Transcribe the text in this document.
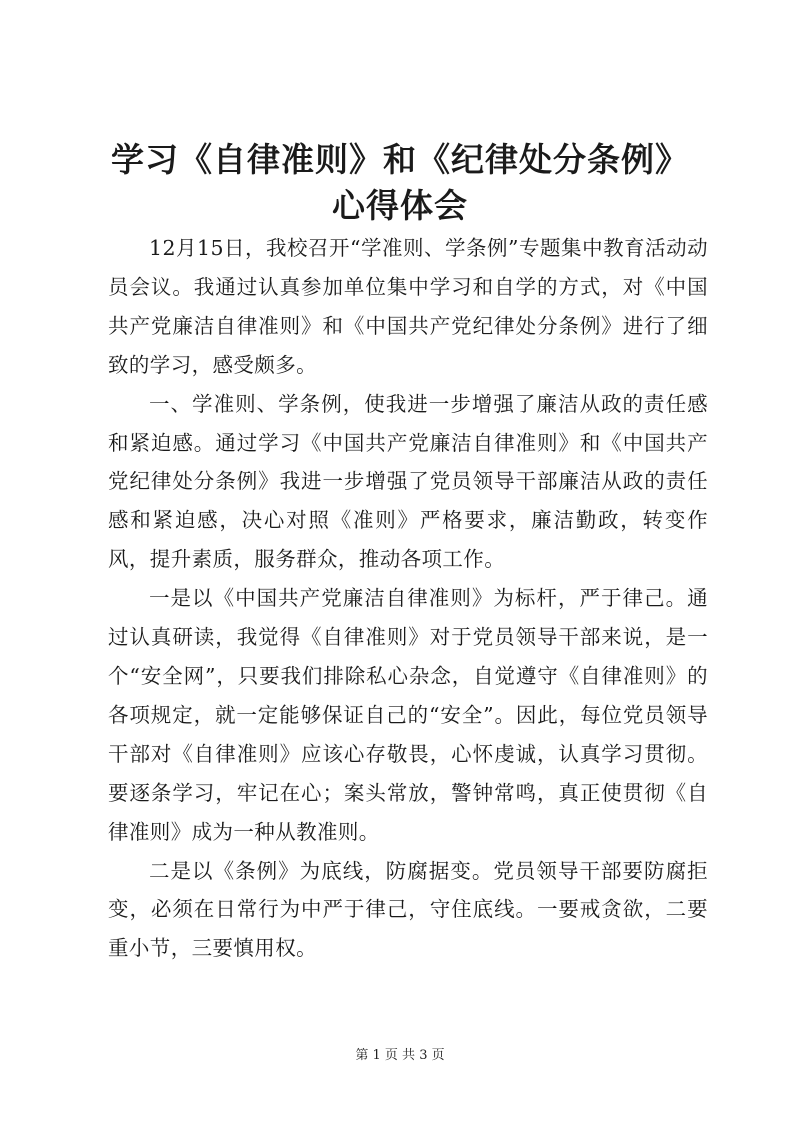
学习《自律准则》和《纪律处分条例》心得体会

12月15日，我校召开“学准则、学条例”专题集中教育活动动员会议。我通过认真参加单位集中学习和自学的方式，对《中国共产党廉洁自律准则》和《中国共产党纪律处分条例》进行了细致的学习，感受颇多。

一、学准则、学条例，使我进一步增强了廉洁从政的责任感和紧迫感。通过学习《中国共产党廉洁自律准则》和《中国共产党纪律处分条例》我进一步增强了党员领导干部廉洁从政的责任感和紧迫感，决心对照《准则》严格要求，廉洁勤政，转变作风，提升素质，服务群众，推动各项工作。

一是以《中国共产党廉洁自律准则》为标杆，严于律己。通过认真研读，我觉得《自律准则》对于党员领导干部来说，是一个“安全网”，只要我们排除私心杂念，自觉遵守《自律准则》的各项规定，就一定能够保证自己的“安全”。因此，每位党员领导干部对《自律准则》应该心存敬畏，心怀虔诚，认真学习贯彻。要逐条学习，牢记在心；案头常放，警钟常鸣，真正使贯彻《自律准则》成为一种从教准则。

二是以《条例》为底线，防腐据变。党员领导干部要防腐拒变，必须在日常行为中严于律己，守住底线。一要戒贪欲，二要重小节，三要慎用权。

第 1 页 共 3 页
